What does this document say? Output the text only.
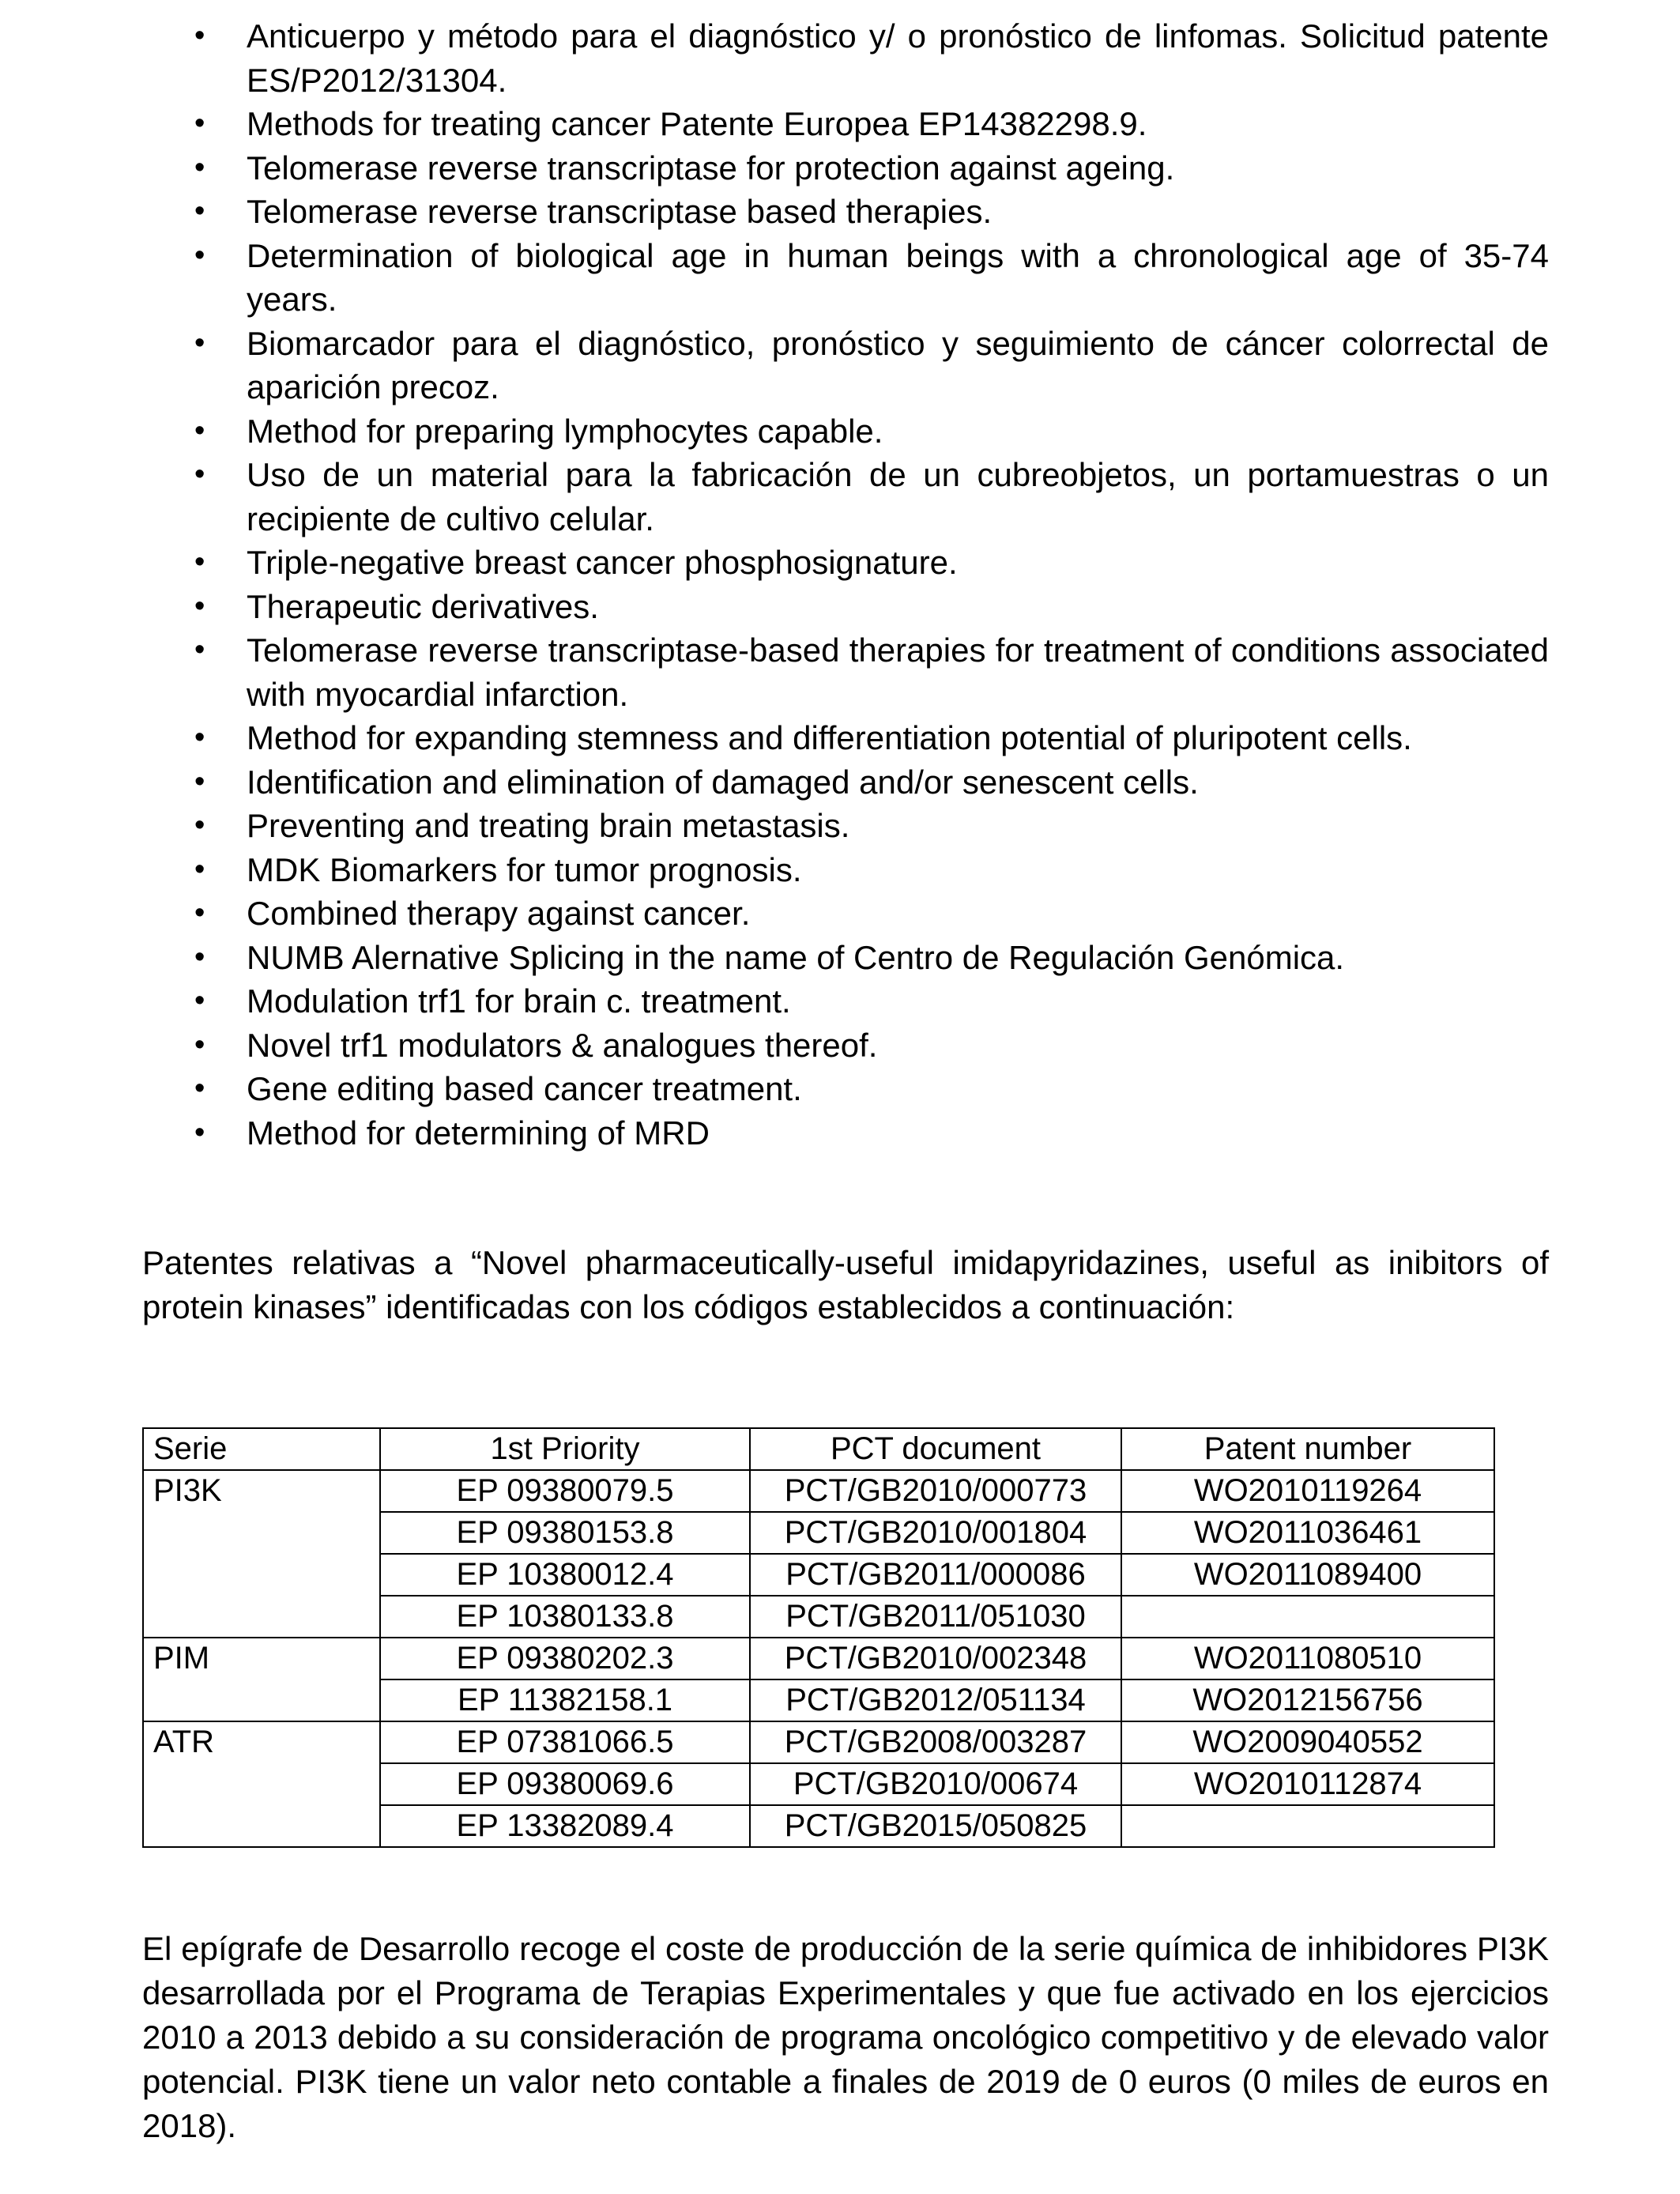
• Anticuerpo y método para el diagnóstico y/ o pronóstico de linfomas. Solicitud patente ES/P2012/31304.
• Methods for treating cancer Patente Europea EP14382298.9.
• Telomerase reverse transcriptase for protection against ageing.
• Telomerase reverse transcriptase based therapies.
• Determination of biological age in human beings with a chronological age of 35-74 years.
• Biomarcador para el diagnóstico, pronóstico y seguimiento de cáncer colorrectal de aparición precoz.
• Method for preparing lymphocytes capable.
• Uso de un material para la fabricación de un cubreobjetos, un portamuestras o un recipiente de cultivo celular.
• Triple-negative breast cancer phosphosignature.
• Therapeutic derivatives.
• Telomerase reverse transcriptase-based therapies for treatment of conditions associated with myocardial infarction.
• Method for expanding stemness and differentiation potential of pluripotent cells.
• Identification and elimination of damaged and/or senescent cells.
• Preventing and treating brain metastasis.
• MDK Biomarkers for tumor prognosis.
• Combined therapy against cancer.
• NUMB Alernative Splicing in the name of Centro de Regulación Genómica.
• Modulation trf1 for brain c. treatment.
• Novel trf1 modulators & analogues thereof.
• Gene editing based cancer treatment.
• Method for determining of MRD

Patentes relativas a “Novel pharmaceutically-useful imidapyridazines, useful as inibitors of protein kinases” identificadas con los códigos establecidos a continuación:

Serie	1st Priority	PCT document	Patent number
PI3K	EP 09380079.5	PCT/GB2010/000773	WO2010119264
	EP 09380153.8	PCT/GB2010/001804	WO2011036461
	EP 10380012.4	PCT/GB2011/000086	WO2011089400
	EP 10380133.8	PCT/GB2011/051030	
PIM	EP 09380202.3	PCT/GB2010/002348	WO2011080510
	EP 11382158.1	PCT/GB2012/051134	WO2012156756
ATR	EP 07381066.5	PCT/GB2008/003287	WO2009040552
	EP 09380069.6	PCT/GB2010/00674	WO2010112874
	EP 13382089.4	PCT/GB2015/050825	

El epígrafe de Desarrollo recoge el coste de producción de la serie química de inhibidores PI3K desarrollada por el Programa de Terapias Experimentales y que fue activado en los ejercicios 2010 a 2013 debido a su consideración de programa oncológico competitivo y de elevado valor potencial. PI3K tiene un valor neto contable a finales de 2019 de 0 euros (0 miles de euros en 2018).
